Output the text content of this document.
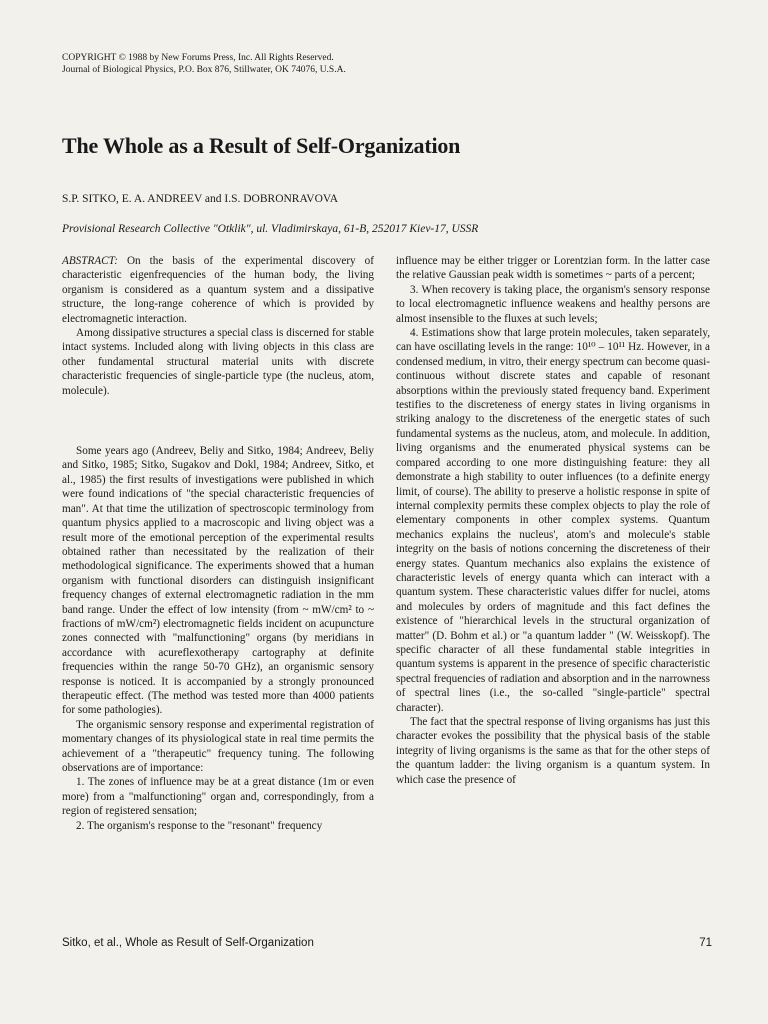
COPYRIGHT © 1988 by New Forums Press, Inc. All Rights Reserved.
Journal of Biological Physics, P.O. Box 876, Stillwater, OK 74076, U.S.A.
The Whole as a Result of Self-Organization
S.P. SITKO, E. A. ANDREEV and I.S. DOBRONRAVOVA
Provisional Research Collective "Otklik", ul. Vladimirskaya, 61-B, 252017 Kiev-17, USSR

ABSTRACT: On the basis of the experimental discovery of characteristic eigenfrequencies of the human body, the living organism is considered as a quantum system and a dissipative structure, the long-range coherence of which is provided by electromagnetic interaction.

Among dissipative structures a special class is discerned for stable intact systems. Included along with living objects in this class are other fundamental structural material units with discrete characteristic frequencies of single-particle type (the nucleus, atom, molecule).

Some years ago (Andreev, Beliy and Sitko, 1984; Andreev, Beliy and Sitko, 1985; Sitko, Sugakov and Dokl, 1984; Andreev, Sitko, et al., 1985) the first results of investigations were published in which were found indications of "the special characteristic frequencies of man". At that time the utilization of spectroscopic terminology from quantum physics applied to a macroscopic and living object was a result more of the emotional perception of the experimental results obtained rather than necessitated by the realization of their methodological significance. The experiments showed that a human organism with functional disorders can distinguish insignificant frequency changes of external electromagnetic radiation in the mm band range. Under the effect of low intensity (from ~ mW/cm² to ~ fractions of mW/cm²) electromagnetic fields incident on acupuncture zones connected with "malfunctioning" organs (by meridians in accordance with acureflexotherapy cartography at definite frequencies within the range 50-70 GHz), an organismic sensory response is noticed. It is accompanied by a strongly pronounced therapeutic effect. (The method was tested more than 4000 patients for some pathologies).

The organismic sensory response and experimental registration of momentary changes of its physiological state in real time permits the achievement of a "therapeutic" frequency tuning. The following observations are of importance:

1. The zones of influence may be at a great distance (1m or even more) from a "malfunctioning" organ and, correspondingly, from a region of registered sensation;

2. The organism's response to the "resonant" frequency

influence may be either trigger or Lorentzian form. In the latter case the relative Gaussian peak width is sometimes ~ parts of a percent;

3. When recovery is taking place, the organism's sensory response to local electromagnetic influence weakens and healthy persons are almost insensible to the fluxes at such levels;

4. Estimations show that large protein molecules, taken separately, can have oscillating levels in the range: 10¹⁰ – 10¹¹ Hz. However, in a condensed medium, in vitro, their energy spectrum can become quasi-continuous without discrete states and capable of resonant absorptions within the previously stated frequency band. Experiment testifies to the discreteness of energy states in living organisms in striking analogy to the discreteness of the energetic states of such fundamental systems as the nucleus, atom, and molecule. In addition, living organisms and the enumerated physical systems can be compared according to one more distinguishing feature: they all demonstrate a high stability to outer influences (to a definite energy limit, of course). The ability to preserve a holistic response in spite of internal complexity permits these complex objects to play the role of elementary components in other complex systems. Quantum mechanics explains the nucleus', atom's and molecule's stable integrity on the basis of notions concerning the discreteness of their energy states. Quantum mechanics also explains the existence of characteristic levels of energy quanta which can interact with a quantum system. These characteristic values differ for nuclei, atoms and molecules by orders of magnitude and this fact defines the existence of "hierarchical levels in the structural organization of matter" (D. Bohm et al.) or "a quantum ladder " (W. Weisskopf). The specific character of all these fundamental stable integrities in quantum systems is apparent in the presence of specific characteristic spectral frequencies of radiation and absorption and in the narrowness of spectral lines (i.e., the so-called "single-particle" spectral character).

The fact that the spectral response of living organisms has just this character evokes the possibility that the physical basis of the stable integrity of living organisms is the same as that for the other steps of the quantum ladder: the living organism is a quantum system. In which case the presence of

Sitko, et al., Whole as Result of Self-Organization	71
